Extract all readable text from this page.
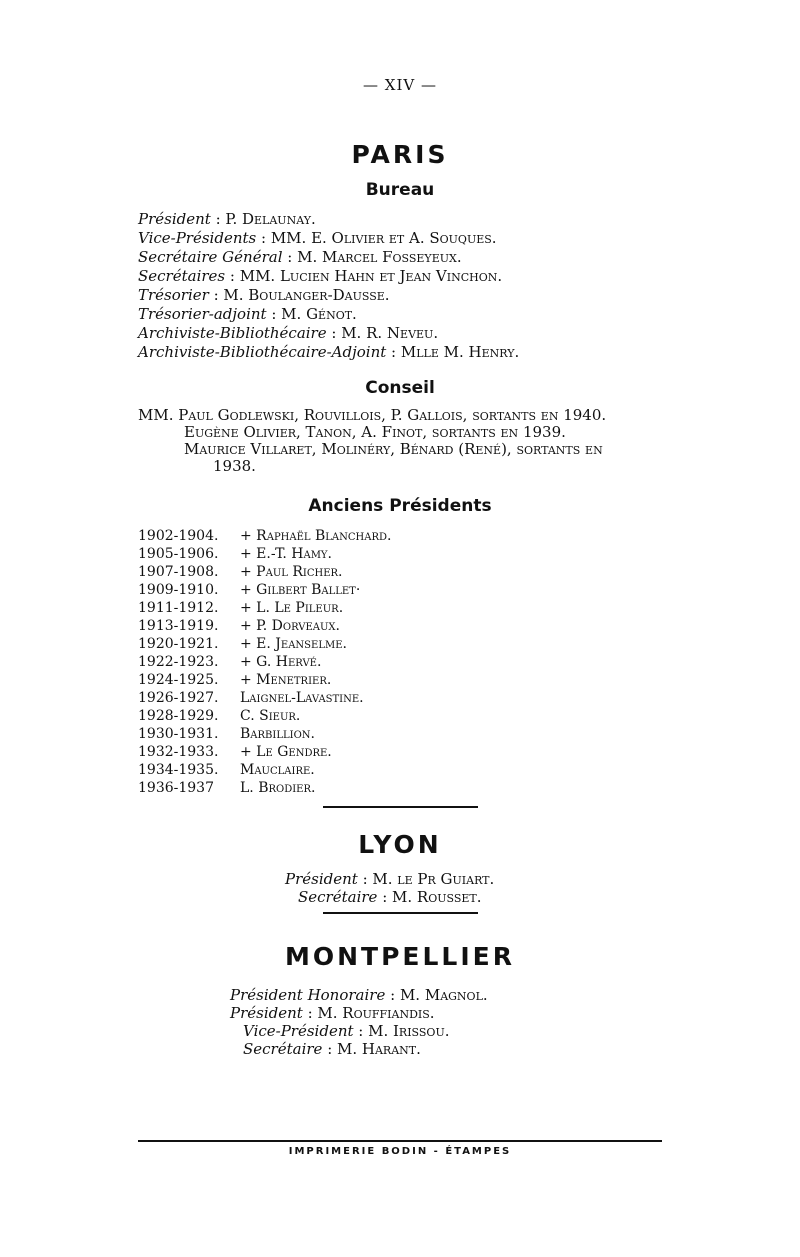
— XIV —
PARIS
Bureau
Président : P. Delaunay.
Vice-Présidents : MM. E. Olivier et A. Souques.
Secrétaire Général : M. Marcel Fosseyeux.
Secrétaires : MM. Lucien Hahn et Jean Vinchon.
Trésorier : M. Boulanger-Dausse.
Trésorier-adjoint : M. Génot.
Archiviste-Bibliothécaire : M. R. Neveu.
Archiviste-Bibliothécaire-Adjoint : Mlle M. Henry.
Conseil
MM. Paul Godlewski, Rouvillois, P. Gallois, sortants en 1940.
Eugène Olivier, Tanon, A. Finot, sortants en 1939.
Maurice Villaret, Molinéry, Bénard (René), sortants en
1938.
Anciens Présidents
1902-1904. + Raphaël Blanchard.
1905-1906. + E.-T. Hamy.
1907-1908. + Paul Richer.
1909-1910. + Gilbert Ballet·
1911-1912. + L. Le Pileur.
1913-1919. + P. Dorveaux.
1920-1921. + E. Jeanselme.
1922-1923. + G. Hervé.
1924-1925. + Menetrier.
1926-1927. Laignel-Lavastine.
1928-1929. C. Sieur.
1930-1931. Barbillion.
1932-1933. + Le Gendre.
1934-1935. Mauclaire.
1936-1937 L. Brodier.
LYON
Président : M. le Pr Guiart.
Secrétaire : M. Rousset.
MONTPELLIER
Président Honoraire : M. Magnol.
Président : M. Rouffiandis.
Vice-Président : M. Irissou.
Secrétaire : M. Harant.
IMPRIMERIE BODIN - ÉTAMPES
